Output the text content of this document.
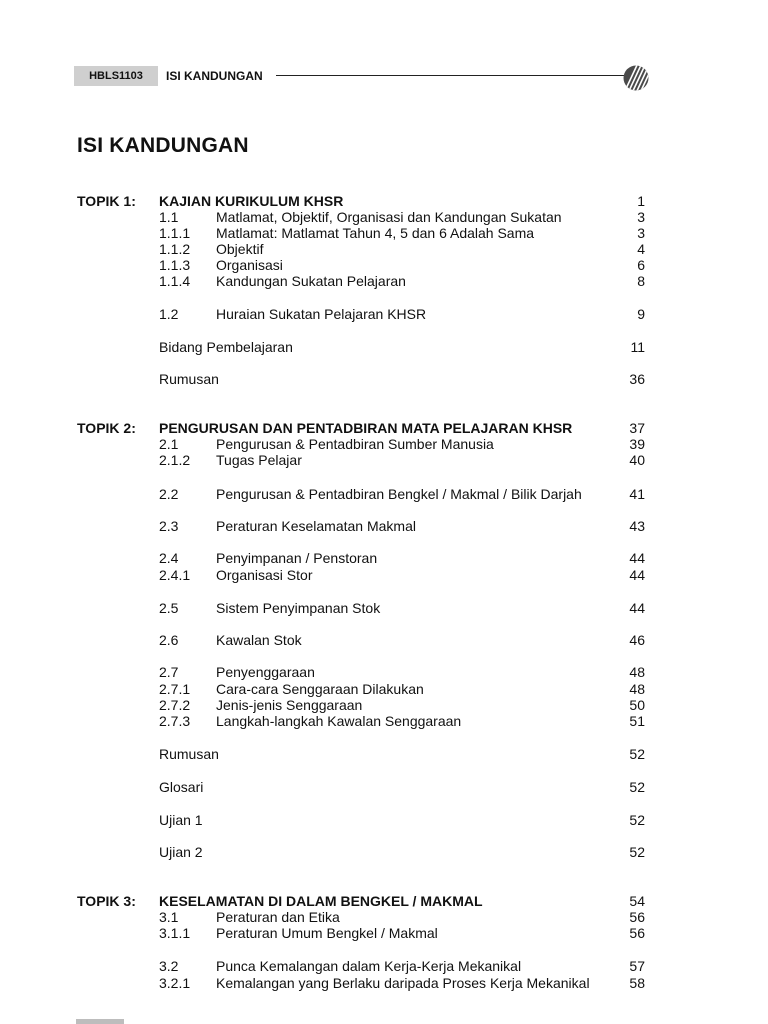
HBLS1103	ISI KANDUNGAN
ISI KANDUNGAN
TOPIK 1: KAJIAN KURIKULUM KHSR	1
1.1	Matlamat, Objektif, Organisasi dan Kandungan Sukatan	3
1.1.1 Matlamat: Matlamat Tahun 4, 5 dan 6 Adalah Sama	3
1.1.2 Objektif	4
1.1.3 Organisasi	6
1.1.4 Kandungan Sukatan Pelajaran	8
1.2	Huraian Sukatan Pelajaran KHSR	9
Bidang Pembelajaran	11
Rumusan	36
TOPIK 2: PENGURUSAN DAN PENTADBIRAN MATA PELAJARAN KHSR	37
2.1	Pengurusan & Pentadbiran Sumber Manusia	39
2.1.2 Tugas Pelajar	40
2.2	Pengurusan & Pentadbiran Bengkel / Makmal / Bilik Darjah	41
2.3	Peraturan Keselamatan Makmal	43
2.4	Penyimpanan / Penstoran	44
2.4.1 Organisasi Stor	44
2.5	Sistem Penyimpanan Stok	44
2.6	Kawalan Stok	46
2.7	Penyenggaraan	48
2.7.1 Cara-cara Senggaraan Dilakukan	48
2.7.2 Jenis-jenis Senggaraan	50
2.7.3 Langkah-langkah Kawalan Senggaraan	51
Rumusan	52
Glosari	52
Ujian 1	52
Ujian 2	52
TOPIK 3: KESELAMATAN DI DALAM BENGKEL / MAKMAL	54
3.1	Peraturan dan Etika	56
3.1.1 Peraturan Umum Bengkel / Makmal	56
3.2	Punca Kemalangan dalam Kerja-Kerja Mekanikal	57
3.2.1 Kemalangan yang Berlaku daripada Proses Kerja Mekanikal	58
